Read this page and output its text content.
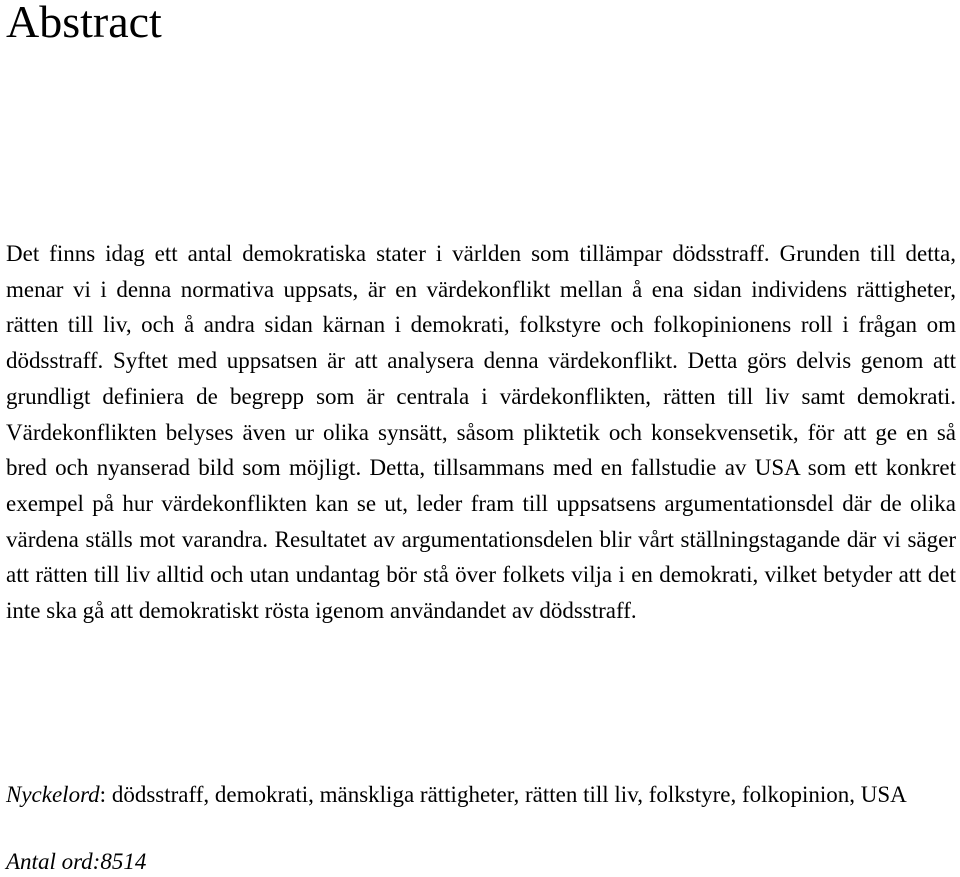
Abstract

Det finns idag ett antal demokratiska stater i världen som tillämpar dödsstraff. Grunden till detta, menar vi i denna normativa uppsats, är en värdekonflikt mellan å ena sidan individens rättigheter, rätten till liv, och å andra sidan kärnan i demokrati, folkstyre och folkopinionens roll i frågan om dödsstraff. Syftet med uppsatsen är att analysera denna värdekonflikt. Detta görs delvis genom att grundligt definiera de begrepp som är centrala i värdekonflikten, rätten till liv samt demokrati. Värdekonflikten belyses även ur olika synsätt, såsom pliktetik och konsekvensetik, för att ge en så bred och nyanserad bild som möjligt. Detta, tillsammans med en fallstudie av USA som ett konkret exempel på hur värdekonflikten kan se ut, leder fram till uppsatsens argumentationsdel där de olika värdena ställs mot varandra. Resultatet av argumentationsdelen blir vårt ställningstagande där vi säger att rätten till liv alltid och utan undantag bör stå över folkets vilja i en demokrati, vilket betyder att det inte ska gå att demokratiskt rösta igenom användandet av dödsstraff.

Nyckelord: dödsstraff, demokrati, mänskliga rättigheter, rätten till liv, folkstyre, folkopinion, USA

Antal ord:8514
